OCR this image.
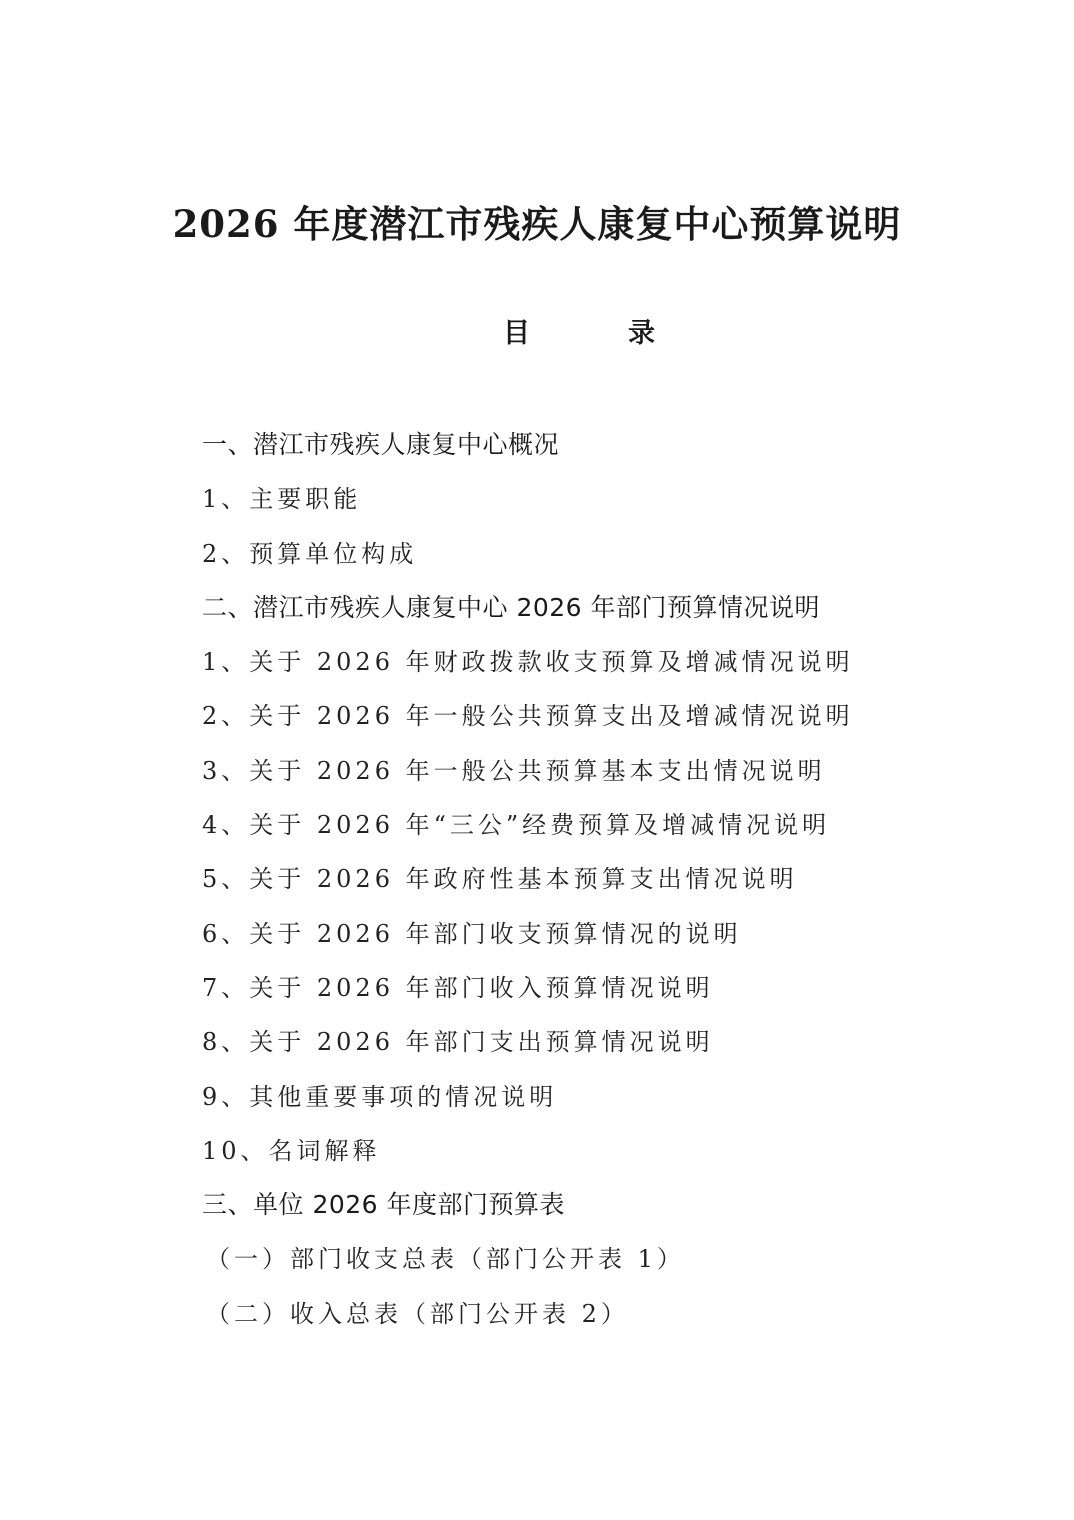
2026 年度潜江市残疾人康复中心预算说明
目录
一、潜江市残疾人康复中心概况
1、主要职能
2、预算单位构成
二、潜江市残疾人康复中心 2026 年部门预算情况说明
1、关于 2026 年财政拨款收支预算及增减情况说明
2、关于 2026 年一般公共预算支出及增减情况说明
3、关于 2026 年一般公共预算基本支出情况说明
4、关于 2026 年“三公”经费预算及增减情况说明
5、关于 2026 年政府性基本预算支出情况说明
6、关于 2026 年部门收支预算情况的说明
7、关于 2026 年部门收入预算情况说明
8、关于 2026 年部门支出预算情况说明
9、其他重要事项的情况说明
10、名词解释
三、单位 2026 年度部门预算表
（一）部门收支总表（部门公开表 1）
（二）收入总表（部门公开表 2）
